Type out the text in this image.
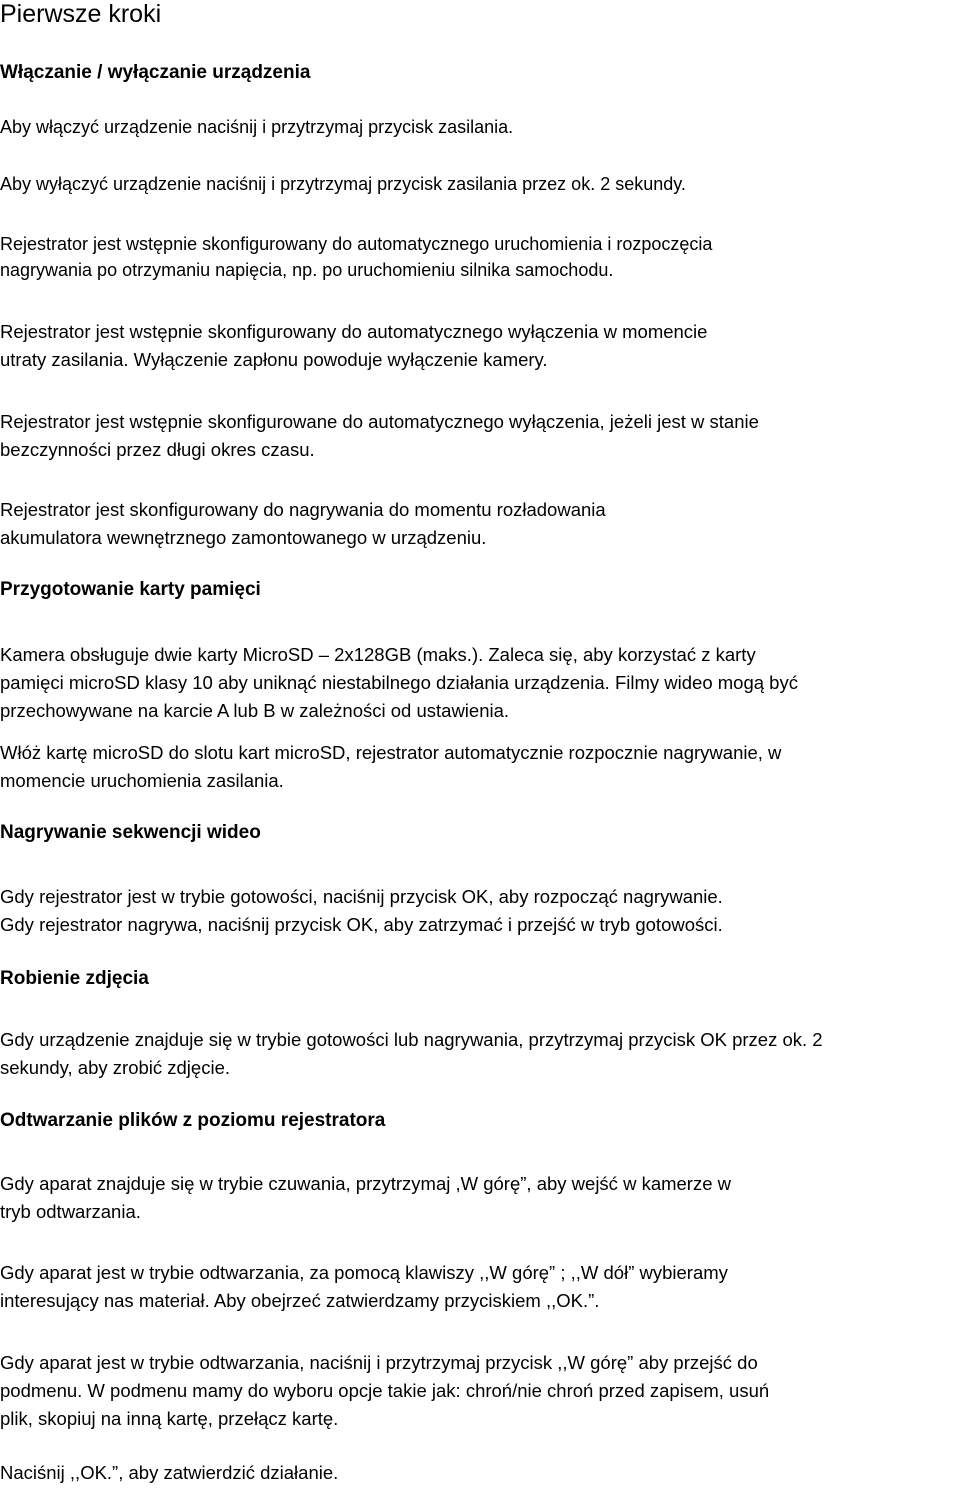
Pierwsze kroki
Włączanie / wyłączanie urządzenia

Aby włączyć urządzenie naciśnij i przytrzymaj przycisk zasilania.

Aby wyłączyć urządzenie naciśnij i przytrzymaj przycisk zasilania przez ok. 2 sekundy.

Rejestrator jest wstępnie skonfigurowany do automatycznego uruchomienia i rozpoczęcia
nagrywania po otrzymaniu napięcia, np. po uruchomieniu silnika samochodu.

Rejestrator jest wstępnie skonfigurowany do automatycznego wyłączenia w momencie
utraty zasilania. Wyłączenie zapłonu powoduje wyłączenie kamery.

Rejestrator jest wstępnie skonfigurowane do automatycznego wyłączenia, jeżeli jest w stanie
bezczynności przez długi okres czasu.

Rejestrator jest skonfigurowany do nagrywania do momentu rozładowania
akumulatora wewnętrznego zamontowanego w urządzeniu.

Przygotowanie karty pamięci

Kamera obsługuje dwie karty MicroSD – 2x128GB (maks.). Zaleca się, aby korzystać z karty
pamięci microSD klasy 10 aby uniknąć niestabilnego działania urządzenia. Filmy wideo mogą być
przechowywane na karcie A lub B w zależności od ustawienia.

Włóż kartę microSD do slotu kart microSD, rejestrator automatycznie rozpocznie nagrywanie, w
momencie uruchomienia zasilania.

Nagrywanie sekwencji wideo

Gdy rejestrator jest w trybie gotowości, naciśnij przycisk OK, aby rozpocząć nagrywanie.
Gdy rejestrator nagrywa, naciśnij przycisk OK, aby zatrzymać i przejść w tryb gotowości.

Robienie zdjęcia

Gdy urządzenie znajduje się w trybie gotowości lub nagrywania, przytrzymaj przycisk OK przez ok. 2
sekundy, aby zrobić zdjęcie.

Odtwarzanie plików z poziomu rejestratora

Gdy aparat znajduje się w trybie czuwania, przytrzymaj ,W górę”, aby wejść w kamerze w
tryb odtwarzania.

Gdy aparat jest w trybie odtwarzania, za pomocą klawiszy ,,W górę” ; ,,W dół” wybieramy
interesujący nas materiał. Aby obejrzeć zatwierdzamy przyciskiem ,,OK.”.

Gdy aparat jest w trybie odtwarzania, naciśnij i przytrzymaj przycisk ,,W górę” aby przejść do
podmenu. W podmenu mamy do wyboru opcje takie jak: chroń/nie chroń przed zapisem, usuń
plik, skopiuj na inną kartę, przełącz kartę.

Naciśnij ,,OK.”, aby zatwierdzić działanie.
